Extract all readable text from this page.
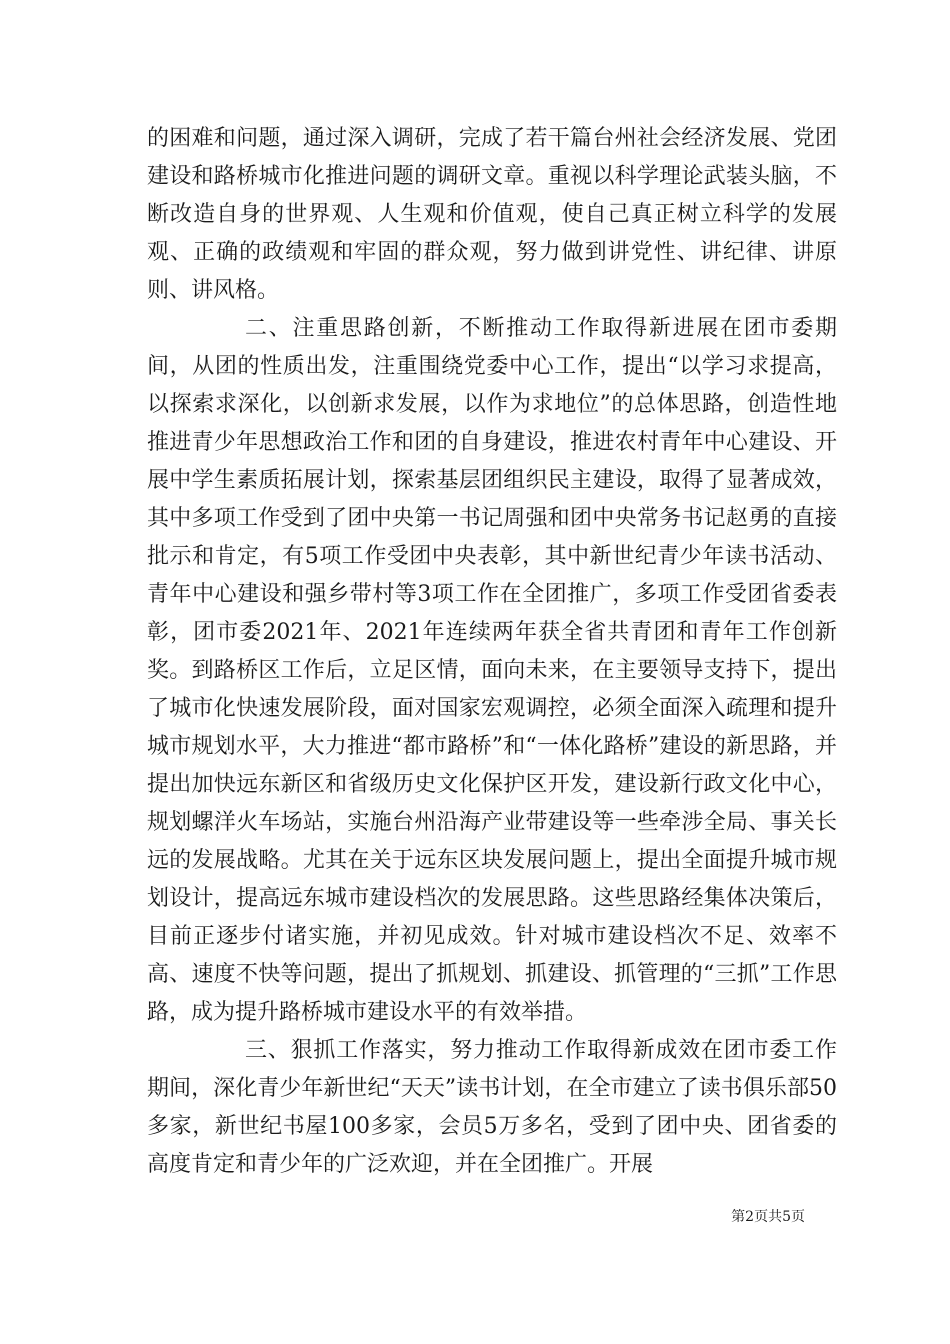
的困难和问题，通过深入调研，完成了若干篇台州社会经济发展、党团建设和路桥城市化推进问题的调研文章。重视以科学理论武装头脑，不断改造自身的世界观、人生观和价值观，使自己真正树立科学的发展观、正确的政绩观和牢固的群众观，努力做到讲党性、讲纪律、讲原则、讲风格。

二、注重思路创新，不断推动工作取得新进展在团市委期间，从团的性质出发，注重围绕党委中心工作，提出“以学习求提高，以探索求深化，以创新求发展，以作为求地位”的总体思路，创造性地推进青少年思想政治工作和团的自身建设，推进农村青年中心建设、开展中学生素质拓展计划，探索基层团组织民主建设，取得了显著成效，其中多项工作受到了团中央第一书记周强和团中央常务书记赵勇的直接批示和肯定，有5项工作受团中央表彰，其中新世纪青少年读书活动、青年中心建设和强乡带村等3项工作在全团推广，多项工作受团省委表彰，团市委2021年、2021年连续两年获全省共青团和青年工作创新奖。到路桥区工作后，立足区情，面向未来，在主要领导支持下，提出了城市化快速发展阶段，面对国家宏观调控，必须全面深入疏理和提升城市规划水平，大力推进“都市路桥”和“一体化路桥”建设的新思路，并提出加快远东新区和省级历史文化保护区开发，建设新行政文化中心，规划螺洋火车场站，实施台州沿海产业带建设等一些牵涉全局、事关长远的发展战略。尤其在关于远东区块发展问题上，提出全面提升城市规划设计，提高远东城市建设档次的发展思路。这些思路经集体决策后，目前正逐步付诸实施，并初见成效。针对城市建设档次不足、效率不高、速度不快等问题，提出了抓规划、抓建设、抓管理的“三抓”工作思路，成为提升路桥城市建设水平的有效举措。

三、狠抓工作落实，努力推动工作取得新成效在团市委工作期间，深化青少年新世纪“天天”读书计划，在全市建立了读书俱乐部50多家，新世纪书屋100多家，会员5万多名，受到了团中央、团省委的高度肯定和青少年的广泛欢迎，并在全团推广。开展

第2页共5页
